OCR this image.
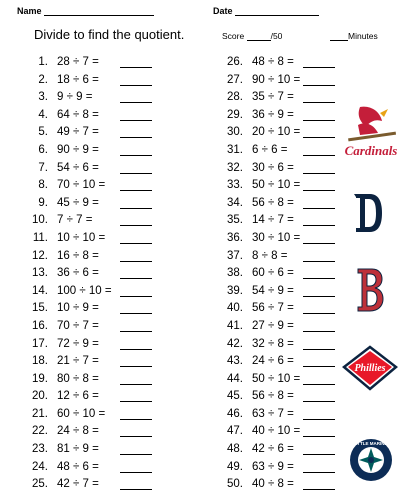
Name	Date
Divide to find the quotient.	Score	/50	Minutes
1. 28 ÷ 7 =
2. 18 ÷ 6 =
3. 9 ÷ 9 =
4. 64 ÷ 8 =
5. 49 ÷ 7 =
6. 90 ÷ 9 =
7. 54 ÷ 6 =
8. 70 ÷ 10 =
9. 45 ÷ 9 =
10. 7 ÷ 7 =
11. 10 ÷ 10 =
12. 16 ÷ 8 =
13. 36 ÷ 6 =
14. 100 ÷ 10 =
15. 10 ÷ 9 =
16. 70 ÷ 7 =
17. 72 ÷ 9 =
18. 21 ÷ 7 =
19. 80 ÷ 8 =
20. 12 ÷ 6 =
21. 60 ÷ 10 =
22. 24 ÷ 8 =
23. 81 ÷ 9 =
24. 48 ÷ 6 =
25. 42 ÷ 7 =
26. 48 ÷ 8 =
27. 90 ÷ 10 =
28. 35 ÷ 7 =
29. 36 ÷ 9 =
30. 20 ÷ 10 =
31. 6 ÷ 6 =
32. 30 ÷ 6 =
33. 50 ÷ 10 =
34. 56 ÷ 8 =
35. 14 ÷ 7 =
36. 30 ÷ 10 =
37. 8 ÷ 8 =
38. 60 ÷ 6 =
39. 54 ÷ 9 =
40. 56 ÷ 7 =
41. 27 ÷ 9 =
42. 32 ÷ 8 =
43. 24 ÷ 6 =
44. 50 ÷ 10 =
45. 56 ÷ 8 =
46. 63 ÷ 7 =
47. 40 ÷ 10 =
48. 42 ÷ 6 =
49. 63 ÷ 9 =
50. 40 ÷ 8 =
Cardinals
Phillies
SEATTLE MARINERS
